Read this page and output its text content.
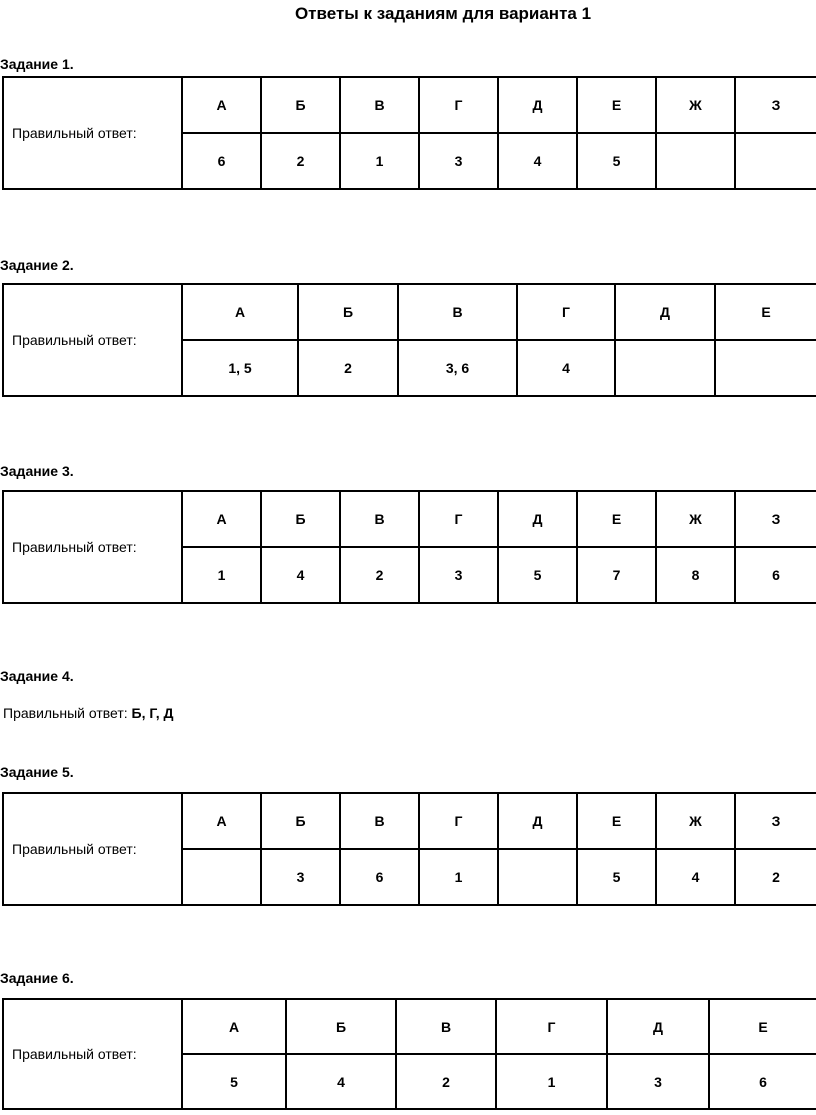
Ответы к заданиям для варианта 1
Задание 1.
Правильный ответ:	А	Б	В	Г	Д	Е	Ж	З
	6	2	1	3	4	5		
Задание 2.
Правильный ответ:	А	Б	В	Г	Д	Е
	1, 5	2	3, 6	4		
Задание 3.
Правильный ответ:	А	Б	В	Г	Д	Е	Ж	З
	1	4	2	3	5	7	8	6
Задание 4.
Правильный ответ: Б, Г, Д
Задание 5.
Правильный ответ:	А	Б	В	Г	Д	Е	Ж	З
		3	6	1		5	4	2
Задание 6.
Правильный ответ:	А	Б	В	Г	Д	Е
	5	4	2	1	3	6
